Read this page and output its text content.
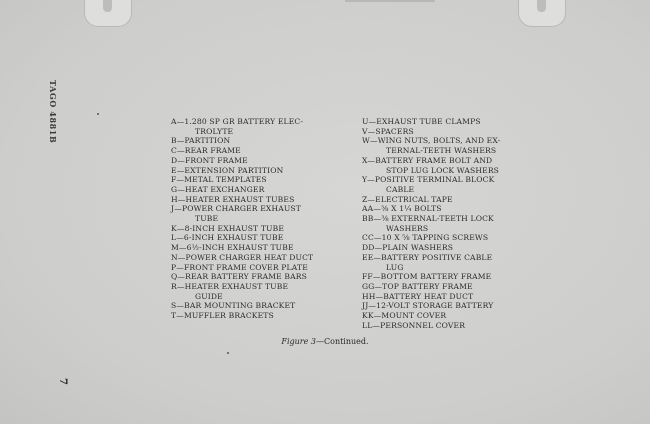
TAGO 4881B
7
A—1.280 SP GR BATTERY ELEC-
TROLYTE
B—PARTITION
C—REAR FRAME
D—FRONT FRAME
E—EXTENSION PARTITION
F—METAL TEMPLATES
G—HEAT EXCHANGER
H—HEATER EXHAUST TUBES
J—POWER CHARGER EXHAUST
TUBE
K—8-INCH EXHAUST TUBE
L—6-INCH EXHAUST TUBE
M—6½-INCH EXHAUST TUBE
N—POWER CHARGER HEAT DUCT
P—FRONT FRAME COVER PLATE
Q—REAR BATTERY FRAME BARS
R—HEATER EXHAUST TUBE
GUIDE
S—BAR MOUNTING BRACKET
T—MUFFLER BRACKETS
U—EXHAUST TUBE CLAMPS
V—SPACERS
W—WING NUTS, BOLTS, AND EX-
TERNAL-TEETH WASHERS
X—BATTERY FRAME BOLT AND
STOP LUG LOCK WASHERS
Y—POSITIVE TERMINAL BLOCK
CABLE
Z—ELECTRICAL TAPE
AA—⅜ X 1¼ BOLTS
BB—⅜ EXTERNAL-TEETH LOCK
WASHERS
CC—10 X ⅝ TAPPING SCREWS
DD—PLAIN WASHERS
EE—BATTERY POSITIVE CABLE
LUG
FF—BOTTOM BATTERY FRAME
GG—TOP BATTERY FRAME
HH—BATTERY HEAT DUCT
JJ—12-VOLT STORAGE BATTERY
KK—MOUNT COVER
LL—PERSONNEL COVER
Figure 3—Continued.
